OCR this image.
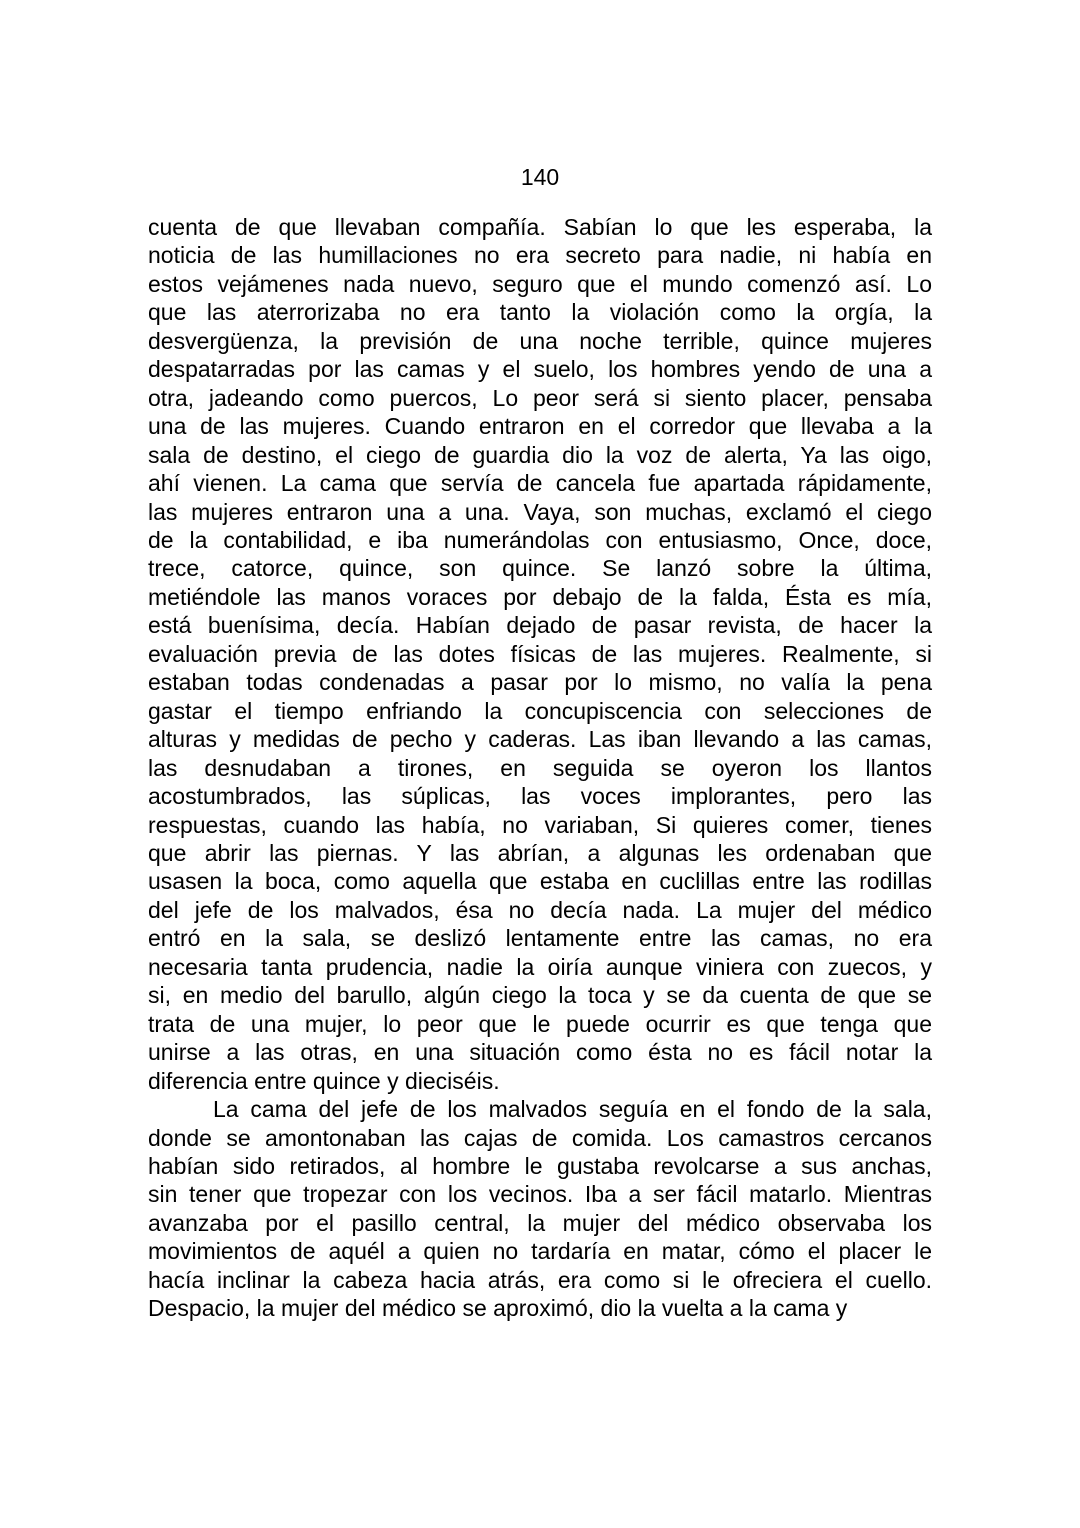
140
cuenta de que llevaban compañía. Sabían lo que les esperaba, la
noticia de las humillaciones no era secreto para nadie, ni había en
estos vejámenes nada nuevo, seguro que el mundo comenzó así. Lo
que las aterrorizaba no era tanto la violación como la orgía, la
desvergüenza, la previsión de una noche terrible, quince mujeres
despatarradas por las camas y el suelo, los hombres yendo de una a
otra, jadeando como puercos, Lo peor será si siento placer, pensaba
una de las mujeres. Cuando entraron en el corredor que llevaba a la
sala de destino, el ciego de guardia dio la voz de alerta, Ya las oigo,
ahí vienen. La cama que servía de cancela fue apartada rápidamente,
las mujeres entraron una a una. Vaya, son muchas, exclamó el ciego
de la contabilidad, e iba numerándolas con entusiasmo, Once, doce,
trece, catorce, quince, son quince. Se lanzó sobre la última,
metiéndole las manos voraces por debajo de la falda, Ésta es mía,
está buenísima, decía. Habían dejado de pasar revista, de hacer la
evaluación previa de las dotes físicas de las mujeres. Realmente, si
estaban todas condenadas a pasar por lo mismo, no valía la pena
gastar el tiempo enfriando la concupiscencia con selecciones de
alturas y medidas de pecho y caderas. Las iban llevando a las camas,
las desnudaban a tirones, en seguida se oyeron los llantos
acostumbrados, las súplicas, las voces implorantes, pero las
respuestas, cuando las había, no variaban, Si quieres comer, tienes
que abrir las piernas. Y las abrían, a algunas les ordenaban que
usasen la boca, como aquella que estaba en cuclillas entre las rodillas
del jefe de los malvados, ésa no decía nada. La mujer del médico
entró en la sala, se deslizó lentamente entre las camas, no era
necesaria tanta prudencia, nadie la oiría aunque viniera con zuecos, y
si, en medio del barullo, algún ciego la toca y se da cuenta de que se
trata de una mujer, lo peor que le puede ocurrir es que tenga que
unirse a las otras, en una situación como ésta no es fácil notar la
diferencia entre quince y dieciséis.
La cama del jefe de los malvados seguía en el fondo de la sala,
donde se amontonaban las cajas de comida. Los camastros cercanos
habían sido retirados, al hombre le gustaba revolcarse a sus anchas,
sin tener que tropezar con los vecinos. Iba a ser fácil matarlo. Mientras
avanzaba por el pasillo central, la mujer del médico observaba los
movimientos de aquél a quien no tardaría en matar, cómo el placer le
hacía inclinar la cabeza hacia atrás, era como si le ofreciera el cuello.
Despacio, la mujer del médico se aproximó, dio la vuelta a la cama y
